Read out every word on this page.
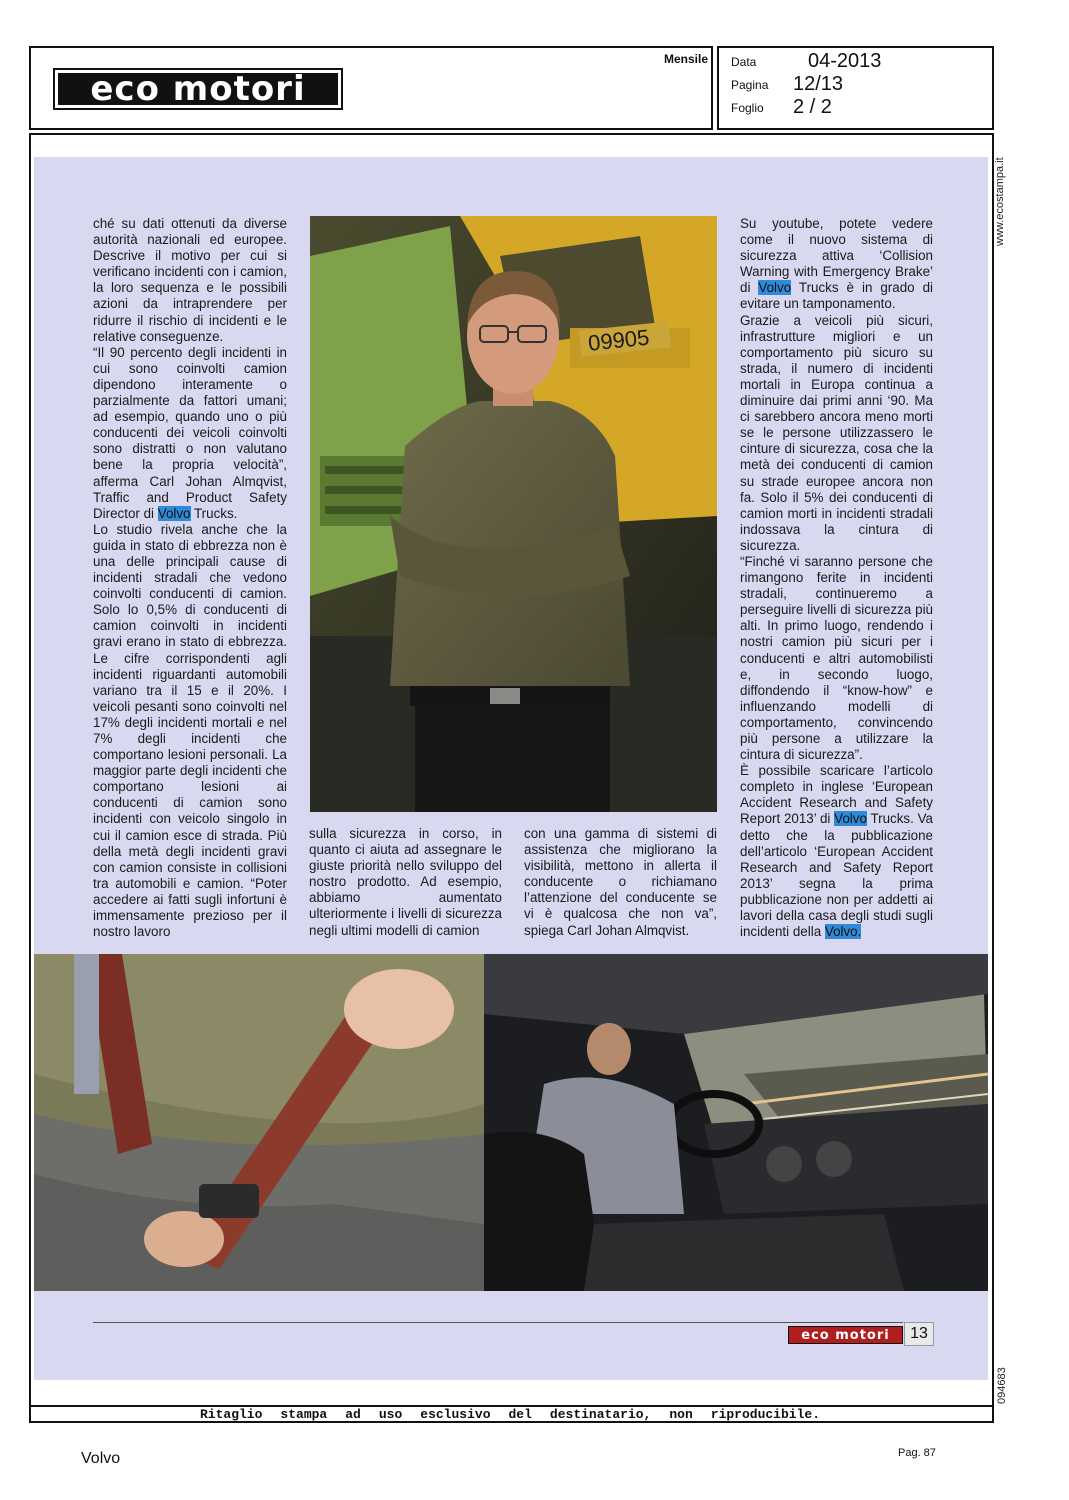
eco motori
Mensile Data	04-2013
Pagina 12/13
Foglio 2 / 2
www.ecostampa.it
094683
ché su dati ottenuti da diverse autorità nazionali ed europee. Descrive il motivo per cui si verificano incidenti con i camion, la loro sequenza e le possibili azioni da intraprendere per ridurre il rischio di incidenti e le relative conseguenze.
“Il 90 percento degli incidenti in cui sono coinvolti camion dipendono interamente o parzialmente da fattori umani; ad esempio, quando uno o più conducenti dei veicoli coinvolti sono distratti o non valutano bene la propria velocità”, afferma Carl Johan Almqvist, Traffic and Product Safety Director di Volvo Trucks.
Lo studio rivela anche che la guida in stato di ebbrezza non è una delle principali cause di incidenti stradali che vedono coinvolti conducenti di camion. Solo lo 0,5% di conducenti di camion coinvolti in incidenti gravi erano in stato di ebbrezza. Le cifre corrispondenti agli incidenti riguardanti automobili variano tra il 15 e il 20%. I veicoli pesanti sono coinvolti nel 17% degli incidenti mortali e nel 7% degli incidenti che comportano lesioni personali. La maggior parte degli incidenti che comportano lesioni ai conducenti di camion sono incidenti con veicolo singolo in cui il camion esce di strada. Più della metà degli incidenti gravi con camion consiste in collisioni tra automobili e camion. “Poter accedere ai fatti sugli infortuni è immensamente prezioso per il nostro lavoro
09905
sulla sicurezza in corso, in quanto ci aiuta ad assegnare le giuste priorità nello sviluppo del nostro prodotto. Ad esempio, abbiamo aumentato ulteriormente i livelli di sicurezza negli ultimi modelli di camion
con una gamma di sistemi di assistenza che migliorano la visibilità, mettono in allerta il conducente o richiamano l’attenzione del conducente se vi è qualcosa che non va”, spiega Carl Johan Almqvist.
Su youtube, potete vedere come il nuovo sistema di sicurezza attiva ‘Collision Warning with Emergency Brake’ di Volvo Trucks è in grado di evitare un tamponamento.
Grazie a veicoli più sicuri, infrastrutture migliori e un comportamento più sicuro su strada, il numero di incidenti mortali in Europa continua a diminuire dai primi anni ‘90. Ma ci sarebbero ancora meno morti se le persone utilizzassero le cinture di sicurezza, cosa che la metà dei conducenti di camion su strade europee ancora non fa. Solo il 5% dei conducenti di camion morti in incidenti stradali indossava la cintura di sicurezza.
“Finché vi saranno persone che rimangono ferite in incidenti stradali, continueremo a perseguire livelli di sicurezza più alti. In primo luogo, rendendo i nostri camion più sicuri per i conducenti e altri automobilisti e, in secondo luogo, diffondendo il “know-how” e influenzando modelli di comportamento, convincendo più persone a utilizzare la cintura di sicurezza”.
È possibile scaricare l’articolo completo in inglese ‘European Accident Research and Safety Report 2013’ di Volvo Trucks. Va detto che la pubblicazione dell’articolo ‘European Accident Research and Safety Report 2013’ segna la prima pubblicazione non per addetti ai lavori della casa degli studi sugli incidenti della Volvo.
eco motori 13
Ritaglio stampa ad uso esclusivo del destinatario, non riproducibile.
Volvo	Pag. 87
